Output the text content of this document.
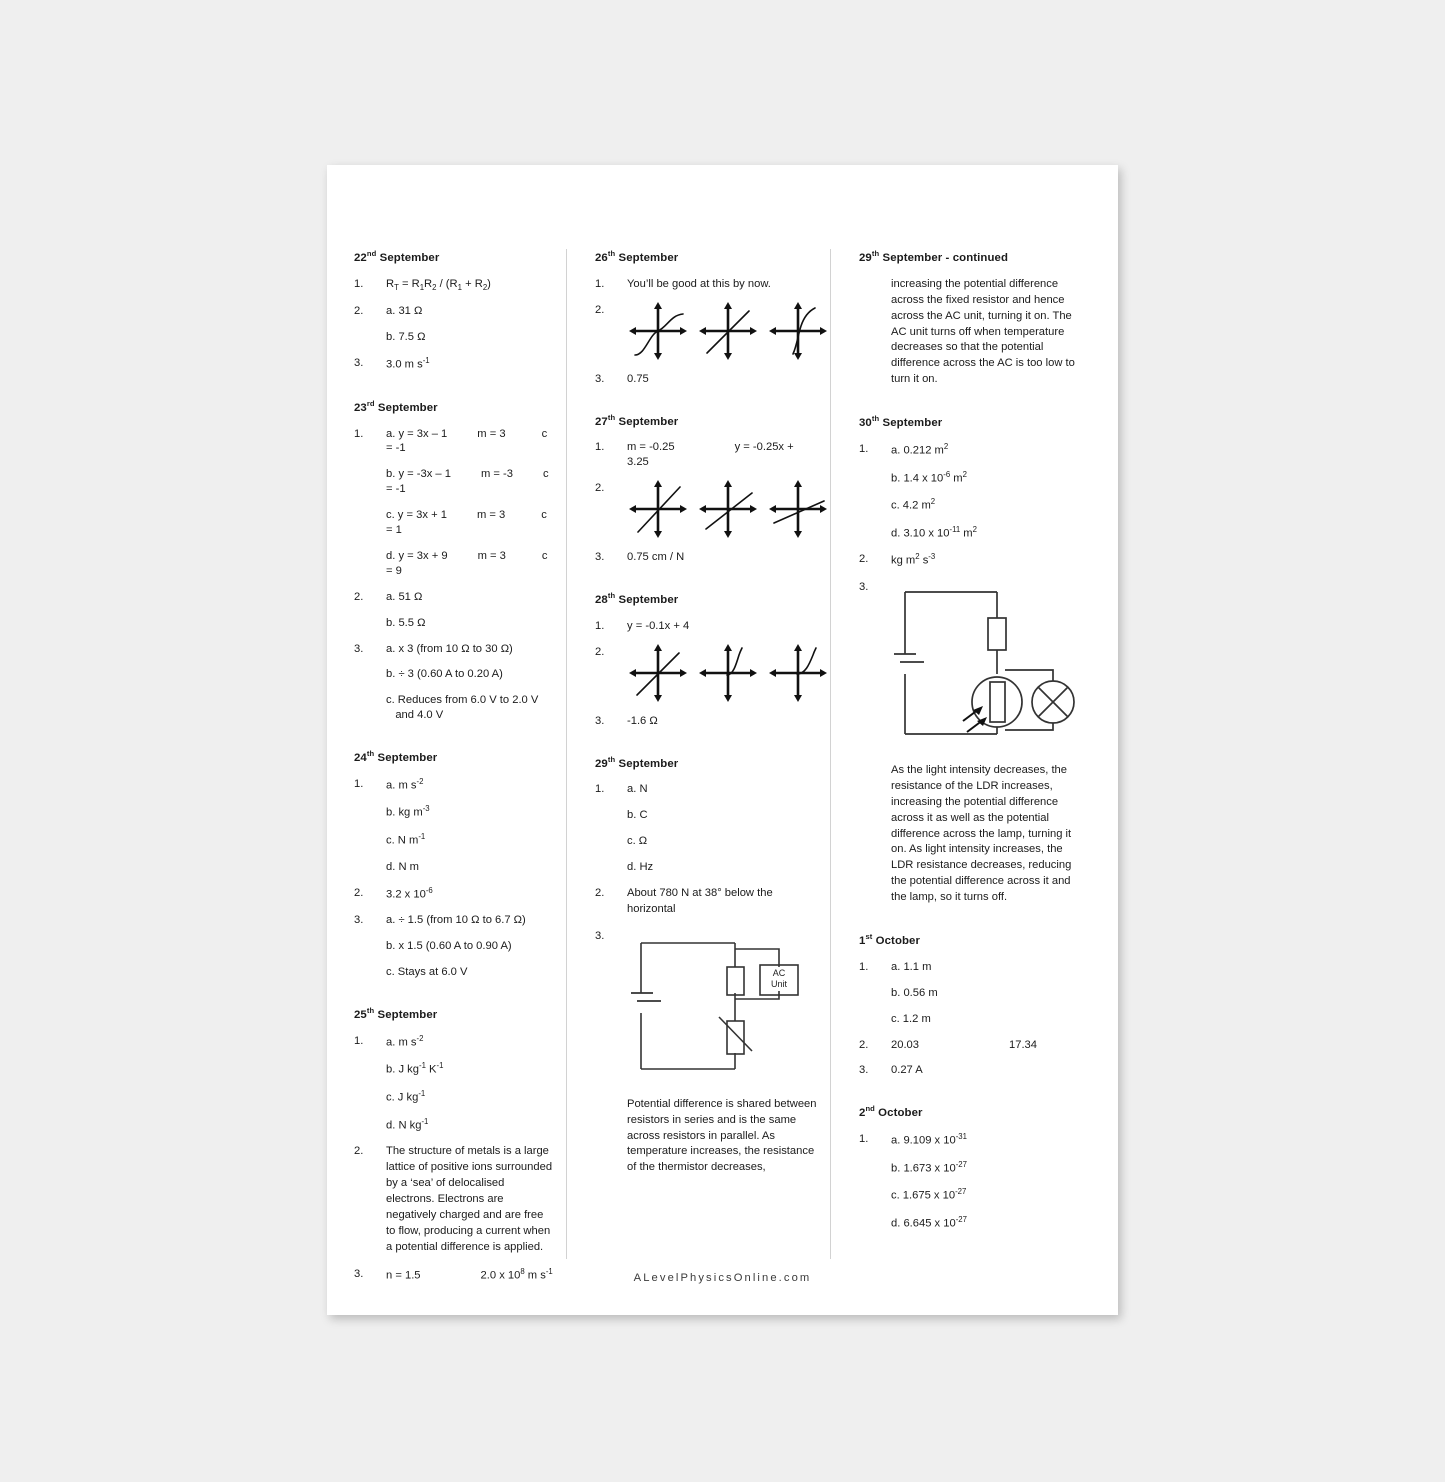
22nd September
1.	$R_T = R_1R_2 / (R_1 + R_2)$
2.	a. 31 Ω
b. 7.5 Ω
3.	3.0 m $s^{-1}$
23rd September
1.	a. y = 3x – 1	m = 3	c = -1
b. y = -3x – 1	m = -3	c = -1
c. y = 3x + 1	m = 3	c = 1
d. y = 3x + 9	m = 3	c = 9
2.	a. 51 Ω
b. 5.5 Ω
3.	a. x 3 (from 10 Ω to 30 Ω)
b. ÷ 3 (0.60 A to 0.20 A)
c. Reduces from 6.0 V to 2.0 V
and 4.0 V
24th September
1.	a. m $s^{-2}$
b. kg $m^{-3}$
c. N $m^{-1}$
d. N m
2.	3.2 x $10^{-6}$
3.	a. ÷ 1.5 (from 10 Ω to 6.7 Ω)
b. x 1.5 (0.60 A to 0.90 A)
c. Stays at 6.0 V
25th September
1.	a. m $s^{-2}$
b. J $kg^{-1}$ $K^{-1}$
c. J $kg^{-1}$
d. N $kg^{-1}$
2.	The structure of metals is a large lattice of positive ions surrounded by a ‘sea’ of delocalised electrons. Electrons are negatively charged and are free to flow, producing a current when a potential difference is applied.
3.	n = 1.5	2.0 x $10^8$ m $s^{-1}$
26th September
1.	You’ll be good at this by now.
2.
3.	0.75
27th September
1.	m = -0.25	y = -0.25x + 3.25
2.
3.	0.75 cm / N
28th September
1.	y = -0.1x + 4
2.
3.	-1.6 Ω
29th September
1.	a. N
b. C
c. Ω
d. Hz
2.	About 780 N at 38° below the horizontal
3.
AC
Unit
Potential difference is shared between resistors in series and is the same across resistors in parallel. As temperature increases, the resistance of the thermistor decreases,
29th September - continued
increasing the potential difference across the fixed resistor and hence across the AC unit, turning it on. The AC unit turns off when temperature decreases so that the potential difference across the AC is too low to turn it on.
30th September
1.	a. 0.212 $m^2$
b. 1.4 x $10^{-6}$ $m^2$
c. 4.2 $m^2$
d. 3.10 x $10^{-11}$ $m^2$
2.	kg $m^2$ $s^{-3}$
3.
As the light intensity decreases, the resistance of the LDR increases, increasing the potential difference across it as well as the potential difference across the lamp, turning it on. As light intensity increases, the LDR resistance decreases, reducing the potential difference across it and the lamp, so it turns off.
1st October
1.	a. 1.1 m
b. 0.56 m
c. 1.2 m
2.	20.03	17.34
3.	0.27 A
2nd October
1.	a. 9.109 x $10^{-31}$
b. 1.673 x $10^{-27}$
c. 1.675 x $10^{-27}$
d. 6.645 x $10^{-27}$
ALevelPhysicsOnline.com
